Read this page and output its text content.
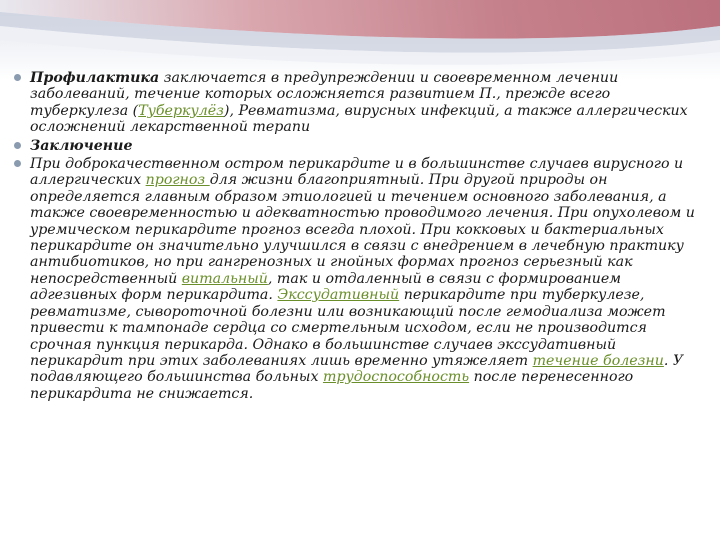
Профилактика заключается в предупреждении и своевременном лечении заболеваний, течение которых осложняется развитием П., прежде всего туберкулеза (Туберкулёз), Ревматизма, вирусных инфекций, а также аллергических осложнений лекарственной терапи
Заключение
При доброкачественном остром перикардите и в большинстве случаев вирусного и аллергических прогноз для жизни благоприятный. При другой природы он определяется главным образом этиологией и течением основного заболевания, а также своевременностью и адекватностью проводимого лечения. При опухолевом и уремическом перикардите прогноз всегда плохой. При кокковых и бактериальных перикардите он значительно улучшился в связи с внедрением в лечебную практику антибиотиков, но при гангренозных и гнойных формах прогноз серьезный как непосредственный витальный, так и отдаленный в связи с формированием адгезивных форм перикардита. Экссудативный перикардите при туберкулезе, ревматизме, сывороточной болезни или возникающий после гемодиализа может привести к тампонаде сердца со смертельным исходом, если не производится срочная пункция перикарда. Однако в большинстве случаев экссудативный перикардит при этих заболеваниях лишь временно утяжеляет течение болезни. У подавляющего большинства больных трудоспособность после перенесенного перикардита не снижается.
